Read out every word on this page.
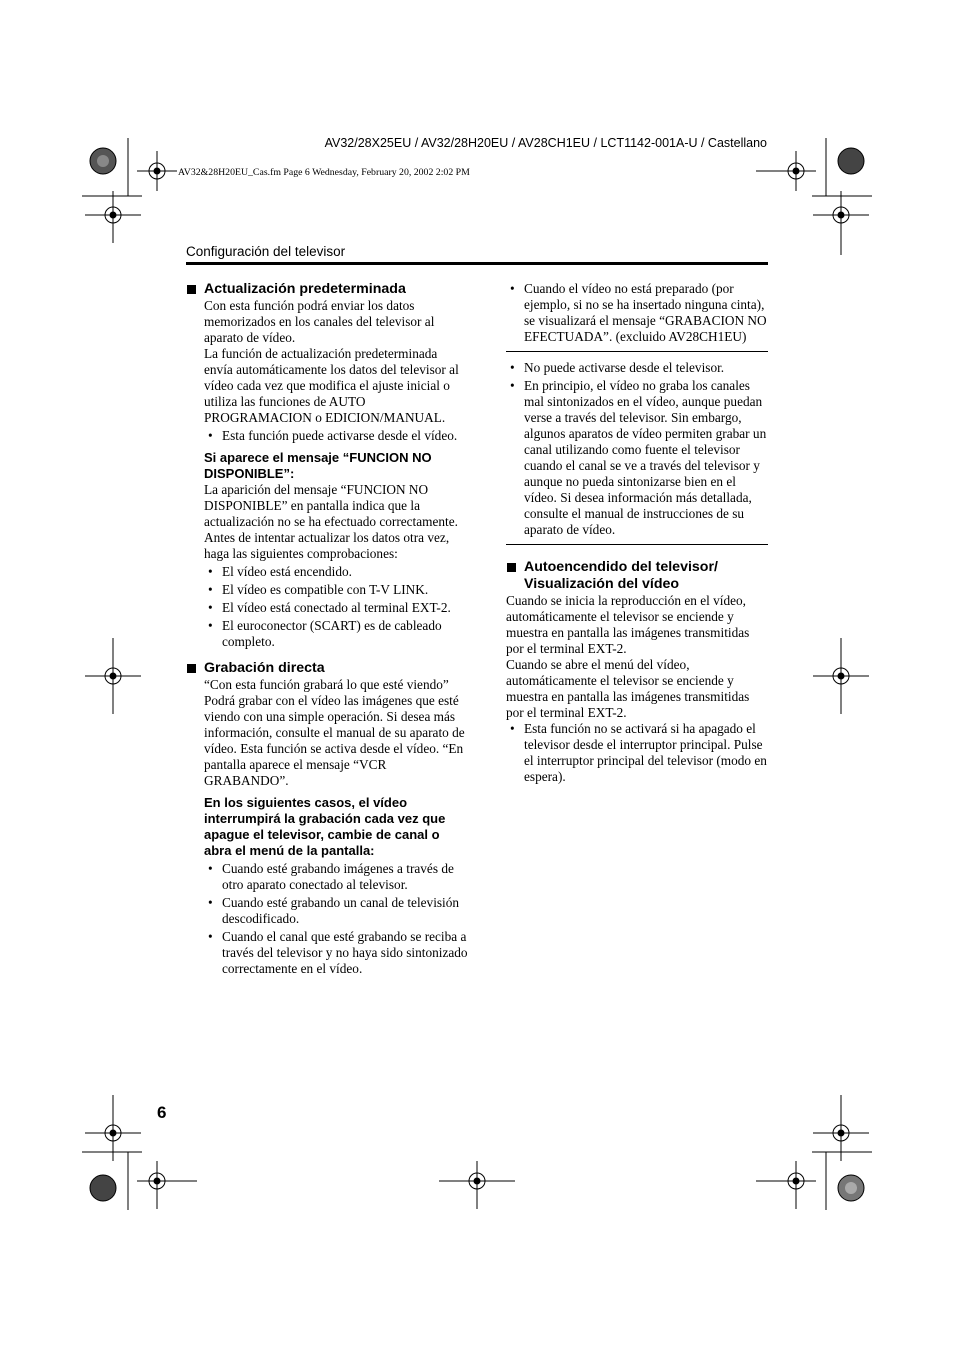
AV32/28X25EU / AV32/28H20EU / AV28CH1EU / LCT1142-001A-U / Castellano
AV32&28H20EU_Cas.fm Page 6 Wednesday, February 20, 2002 2:02 PM
Configuración del televisor
Actualización predeterminada

Con esta función podrá enviar los datos memorizados en los canales del televisor al aparato de vídeo.

La función de actualización predeterminada envía automáticamente los datos del televisor al vídeo cada vez que modifica el ajuste inicial o utiliza las funciones de AUTO PROGRAMACION o EDICION/MANUAL.

• Esta función puede activarse desde el vídeo.

Si aparece el mensaje “FUNCION NO DISPONIBLE”:

La aparición del mensaje “FUNCION NO DISPONIBLE” en pantalla indica que la actualización no se ha efectuado correctamente. Antes de intentar actualizar los datos otra vez, haga las siguientes comprobaciones:

• El vídeo está encendido.
• El vídeo es compatible con T-V LINK.
• El vídeo está conectado al terminal EXT-2.
• El euroconector (SCART) es de cableado completo.
Grabación directa

“Con esta función grabará lo que esté viendo”

Podrá grabar con el vídeo las imágenes que esté viendo con una simple operación. Si desea más información, consulte el manual de su aparato de vídeo. Esta función se activa desde el vídeo. “En pantalla aparece el mensaje “VCR GRABANDO”.

En los siguientes casos, el vídeo interrumpirá la grabación cada vez que apague el televisor, cambie de canal o abra el menú de la pantalla:

• Cuando esté grabando imágenes a través de otro aparato conectado al televisor.
• Cuando esté grabando un canal de televisión descodificado.
• Cuando el canal que esté grabando se reciba a través del televisor y no haya sido sintonizado correctamente en el vídeo.
• Cuando el vídeo no está preparado (por ejemplo, si no se ha insertado ninguna cinta), se visualizará el mensaje “GRABACION NO EFECTUADA”. (excluido AV28CH1EU)
• No puede activarse desde el televisor.
• En principio, el vídeo no graba los canales mal sintonizados en el vídeo, aunque puedan verse a través del televisor. Sin embargo, algunos aparatos de vídeo permiten grabar un canal utilizando como fuente el televisor cuando el canal se ve a través del televisor y aunque no pueda sintonizarse bien en el vídeo. Si desea información más detallada, consulte el manual de instrucciones de su aparato de vídeo.
Autoencendido del televisor/ Visualización del vídeo

Cuando se inicia la reproducción en el vídeo, automáticamente el televisor se enciende y muestra en pantalla las imágenes transmitidas por el terminal EXT-2.

Cuando se abre el menú del vídeo, automáticamente el televisor se enciende y muestra en pantalla las imágenes transmitidas por el terminal EXT-2.

• Esta función no se activará si ha apagado el televisor desde el interruptor principal. Pulse el interruptor principal del televisor (modo en espera).
6
